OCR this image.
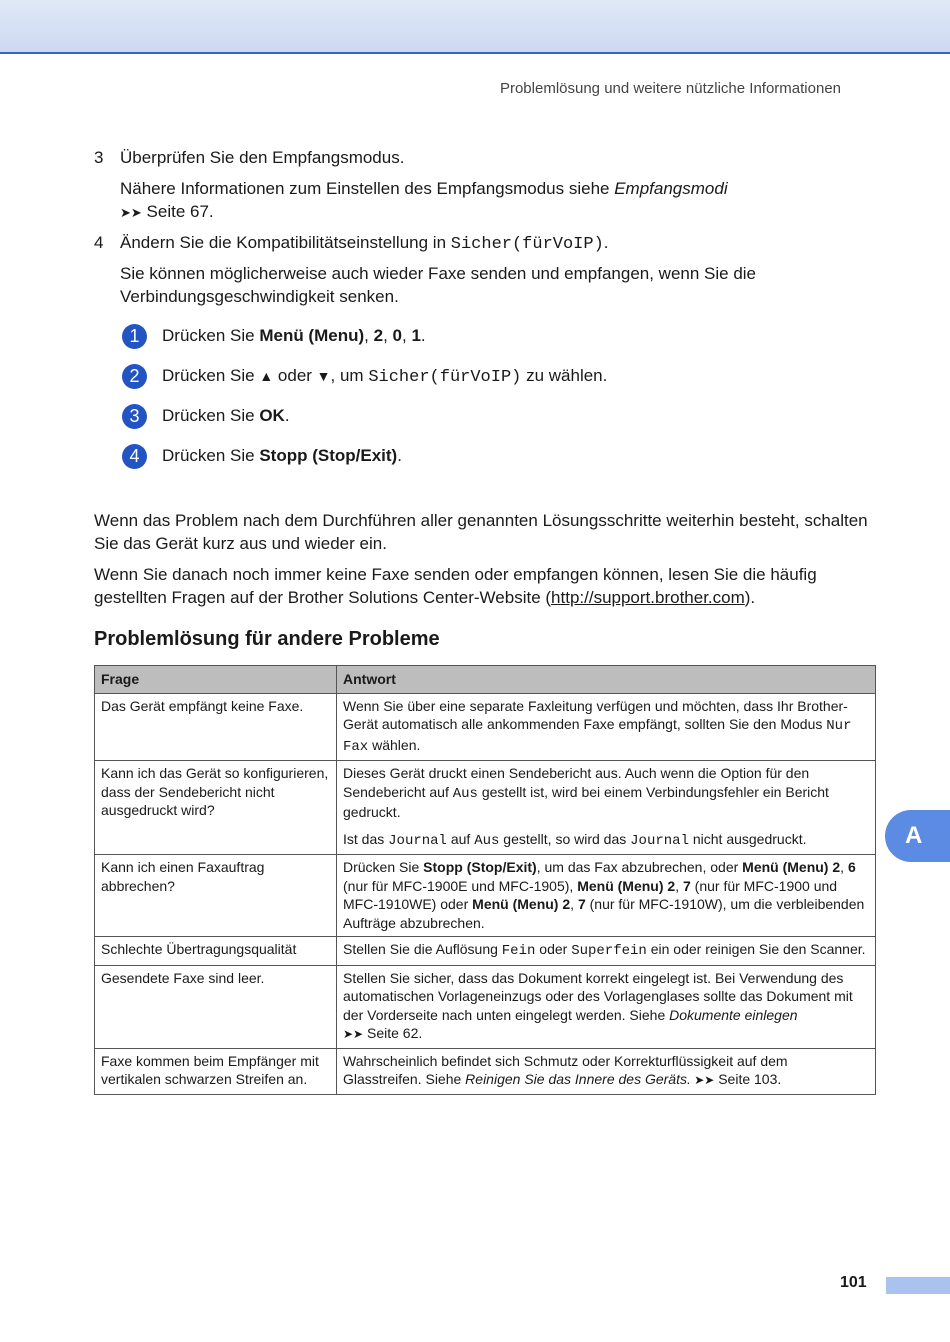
Problemlösung und weitere nützliche Informationen
3 Überprüfen Sie den Empfangsmodus.
Nähere Informationen zum Einstellen des Empfangsmodus siehe Empfangsmodi
➤➤ Seite 67.
4 Ändern Sie die Kompatibilitätseinstellung in Sicher(fürVoIP).
Sie können möglicherweise auch wieder Faxe senden und empfangen, wenn Sie die Verbindungsgeschwindigkeit senken.
1	Drücken Sie Menü (Menu), 2, 0, 1.
2	Drücken Sie ▲ oder ▼, um Sicher(fürVoIP) zu wählen.
3	Drücken Sie OK.
4	Drücken Sie Stopp (Stop/Exit).
Wenn das Problem nach dem Durchführen aller genannten Lösungsschritte weiterhin besteht, schalten Sie das Gerät kurz aus und wieder ein.
Wenn Sie danach noch immer keine Faxe senden oder empfangen können, lesen Sie die häufig gestellten Fragen auf der Brother Solutions Center-Website (http://support.brother.com).
Problemlösung für andere Probleme
Frage	Antwort
Das Gerät empfängt keine Faxe.	Wenn Sie über eine separate Faxleitung verfügen und möchten, dass Ihr Brother-Gerät automatisch alle ankommenden Faxe empfängt, sollten Sie den Modus Nur Fax wählen.
Kann ich das Gerät so konfigurieren, dass der Sendebericht nicht ausgedruckt wird?	Dieses Gerät druckt einen Sendebericht aus. Auch wenn die Option für den Sendebericht auf Aus gestellt ist, wird bei einem Verbindungsfehler ein Bericht gedruckt.

Ist das Journal auf Aus gestellt, so wird das Journal nicht ausgedruckt.

Kann ich einen Faxauftrag abbrechen?	Drücken Sie Stopp (Stop/Exit), um das Fax abzubrechen, oder Menü (Menu) 2, 6 (nur für MFC-1900E und MFC-1905), Menü (Menu) 2, 7 (nur für MFC-1900 und MFC-1910WE) oder Menü (Menu) 2, 7 (nur für MFC-1910W), um die verbleibenden Aufträge abzubrechen.
Schlechte Übertragungsqualität	Stellen Sie die Auflösung Fein oder Superfein ein oder reinigen Sie den Scanner.
Gesendete Faxe sind leer.	Stellen Sie sicher, dass das Dokument korrekt eingelegt ist. Bei Verwendung des automatischen Vorlageneinzugs oder des Vorlagenglases sollte das Dokument mit der Vorderseite nach unten eingelegt werden. Siehe Dokumente einlegen
➤➤ Seite 62.
Faxe kommen beim Empfänger mit vertikalen schwarzen Streifen an.	Wahrscheinlich befindet sich Schmutz oder Korrekturflüssigkeit auf dem Glasstreifen. Siehe Reinigen Sie das Innere des Geräts. ➤➤ Seite 103.
A
101
